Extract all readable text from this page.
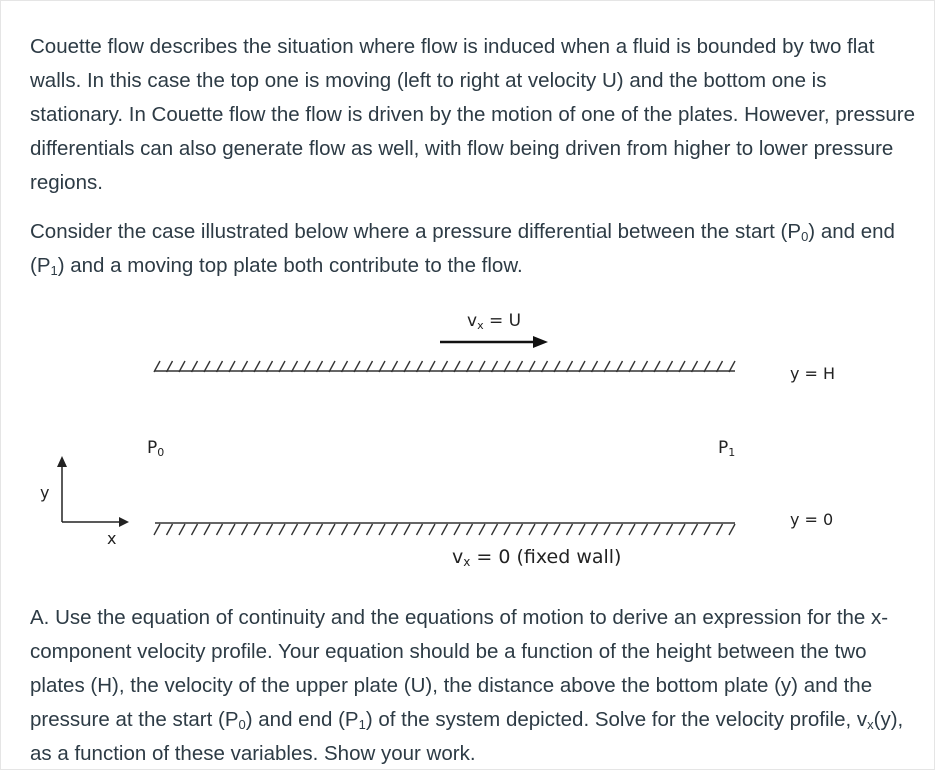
Couette flow describes the situation where flow is induced when a fluid is bounded by two flat walls. In this case the top one is moving (left to right at velocity U) and the bottom one is stationary. In Couette flow the flow is driven by the motion of one of the plates. However, pressure differentials can also generate flow as well, with flow being driven from higher to lower pressure regions.

Consider the case illustrated below where a pressure differential between the start $(P_0)$ and end $(P_1)$ and a moving top plate both contribute to the flow.

$v_x = U$
y = H
y = 0
$P_0$	$P_1$
y
x
$v_x = 0$ (fixed wall)

A. Use the equation of continuity and the equations of motion to derive an expression for the x-component velocity profile. Your equation should be a function of the height between the two plates (H), the velocity of the upper plate (U), the distance above the bottom plate (y) and the pressure at the start $(P_0)$ and end $(P_1)$ of the system depicted. Solve for the velocity profile, $v_x(y)$, as a function of these variables. Show your work.
